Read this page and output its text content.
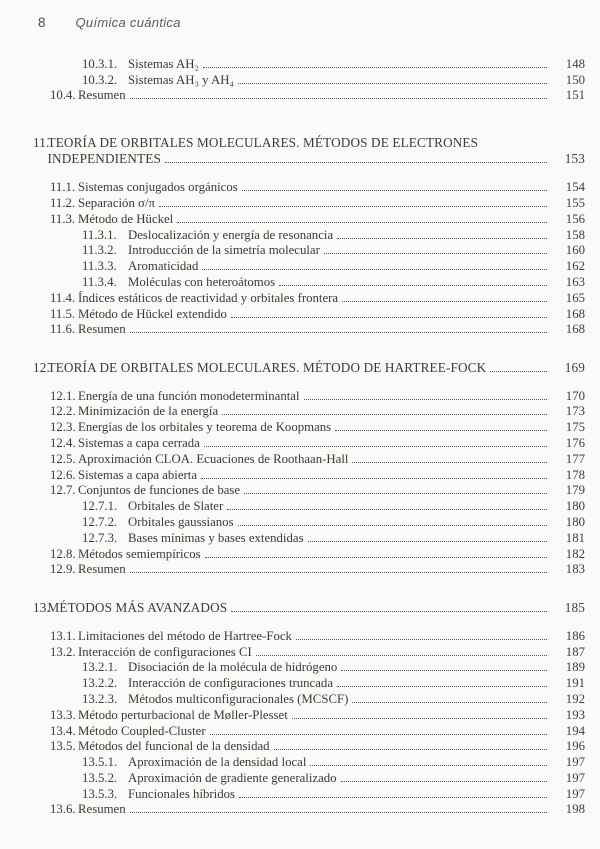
8 Química cuántica
10.3.1. Sistemas AH₂	148
10.3.2. Sistemas AH₃ y AH₄	150
10.4. Resumen	151
11.
TEORÍA DE ORBITALES MOLECULARES. MÉTODOS DE ELECTRONES
INDEPENDIENTES	153
11.1. Sistemas conjugados orgánicos	154
11.2. Separación σ/π	155
11.3. Método de Hückel	156
11.3.1. Deslocalización y energía de resonancia	158
11.3.2. Introducción de la simetría molecular	160
11.3.3. Aromaticidad	162
11.3.4. Moléculas con heteroátomos	163
11.4. Índices estáticos de reactividad y orbitales frontera	165
11.5. Método de Hückel extendido	168
11.6. Resumen	168
12.
TEORÍA DE ORBITALES MOLECULARES. MÉTODO DE HARTREE-FOCK	169
12.1. Energía de una función monodeterminantal	170
12.2. Minimización de la energía	173
12.3. Energías de los orbitales y teorema de Koopmans	175
12.4. Sistemas a capa cerrada	176
12.5. Aproximación CLOA. Ecuaciones de Roothaan-Hall	177
12.6. Sistemas a capa abierta	178
12.7. Conjuntos de funciones de base	179
12.7.1. Orbitales de Slater	180
12.7.2. Orbitales gaussianos	180
12.7.3. Bases mínimas y bases extendidas	181
12.8. Métodos semiempíricos	182
12.9. Resumen	183
13.
MÉTODOS MÁS AVANZADOS	185
13.1. Limitaciones del método de Hartree-Fock	186
13.2. Interacción de configuraciones CI	187
13.2.1. Disociación de la molécula de hidrógeno	189
13.2.2. Interacción de configuraciones truncada	191
13.2.3. Métodos multiconfiguracionales (MCSCF)	192
13.3. Método perturbacional de Møller-Plesset	193
13.4. Método Coupled-Cluster	194
13.5. Métodos del funcional de la densidad	196
13.5.1. Aproximación de la densidad local	197
13.5.2. Aproximación de gradiente generalizado	197
13.5.3. Funcionales híbridos	197
13.6. Resumen	198
